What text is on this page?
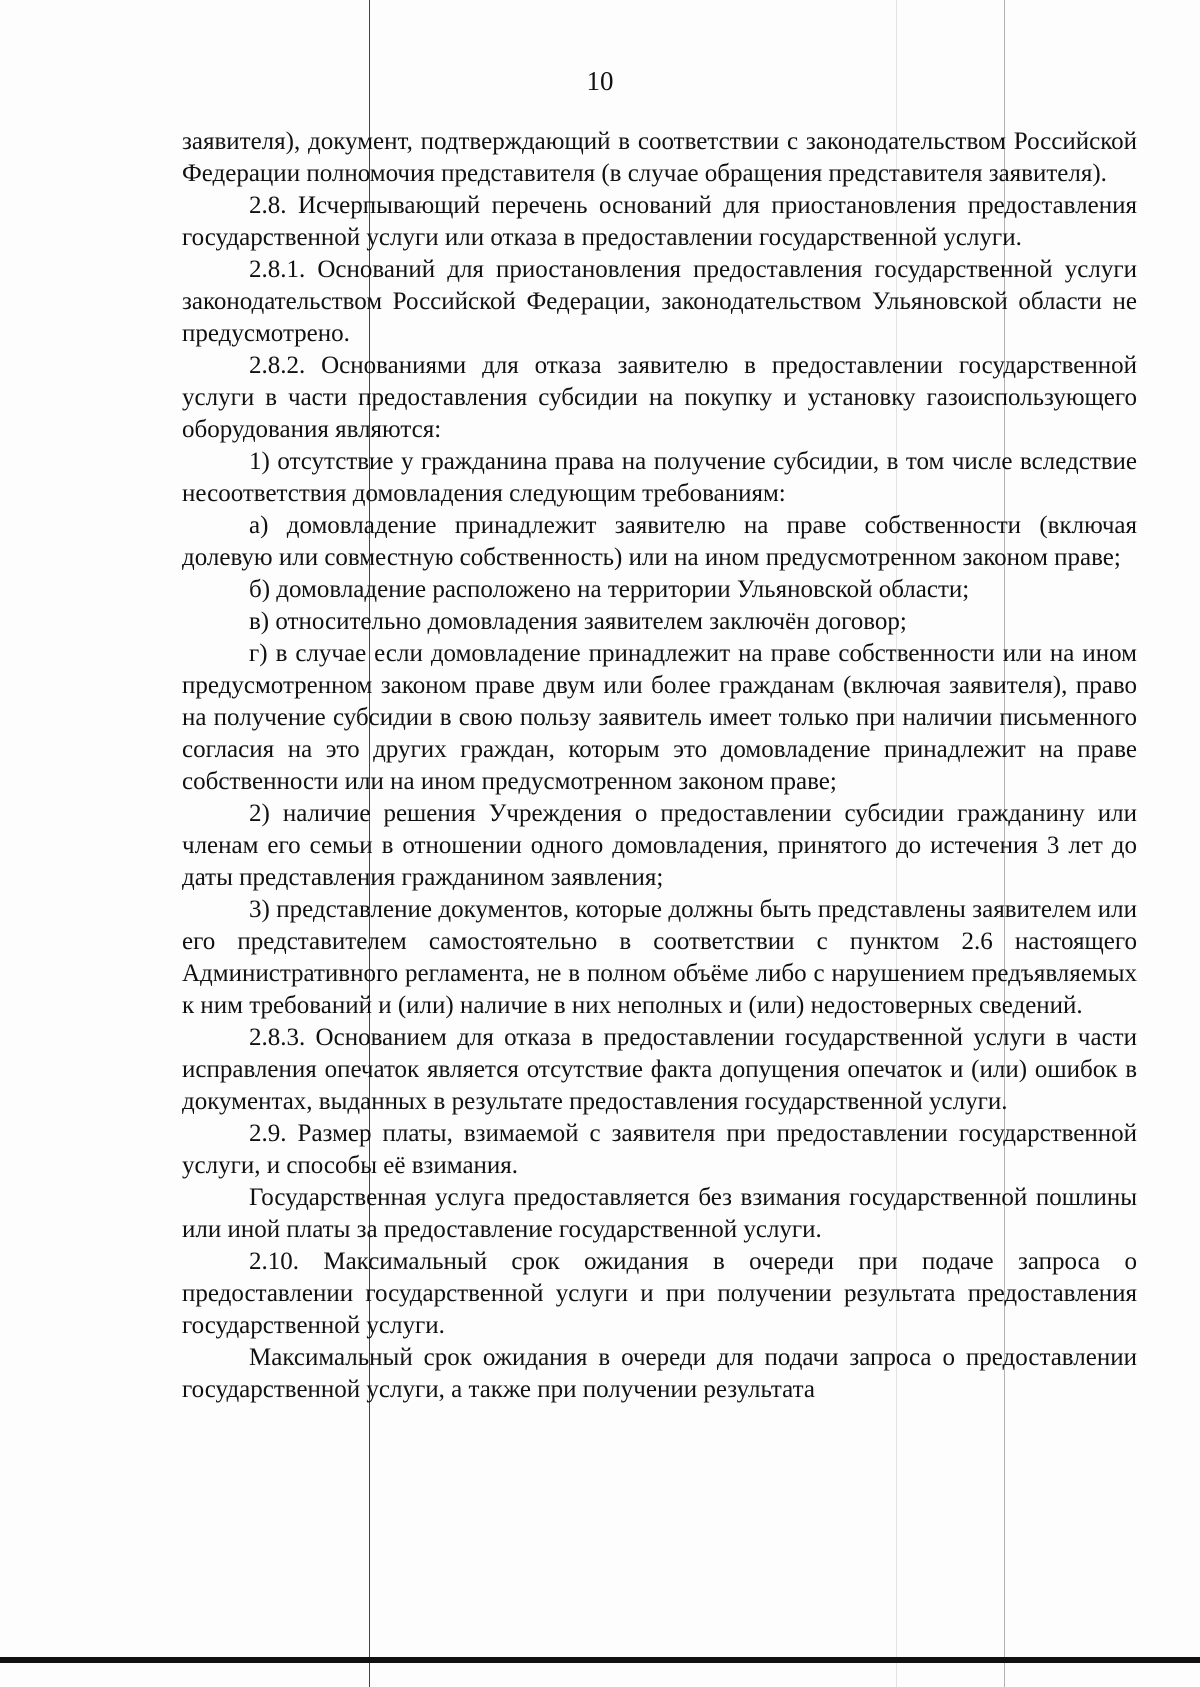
10

заявителя), документ, подтверждающий в соответствии с законодательством Российской Федерации полномочия представителя (в случае обращения представителя заявителя).

2.8. Исчерпывающий перечень оснований для приостановления предоставления государственной услуги или отказа в предоставлении государственной услуги.

2.8.1. Оснований для приостановления предоставления государственной услуги законодательством Российской Федерации, законодательством Ульяновской области не предусмотрено.

2.8.2. Основаниями для отказа заявителю в предоставлении государственной услуги в части предоставления субсидии на покупку и установку газоиспользующего оборудования являются:

1) отсутствие у гражданина права на получение субсидии, в том числе вследствие несоответствия домовладения следующим требованиям:

а) домовладение принадлежит заявителю на праве собственности (включая долевую или совместную собственность) или на ином предусмотренном законом праве;

б) домовладение расположено на территории Ульяновской области;

в) относительно домовладения заявителем заключён договор;

г) в случае если домовладение принадлежит на праве собственности или на ином предусмотренном законом праве двум или более гражданам (включая заявителя), право на получение субсидии в свою пользу заявитель имеет только при наличии письменного согласия на это других граждан, которым это домовладение принадлежит на праве собственности или на ином предусмотренном законом праве;

2) наличие решения Учреждения о предоставлении субсидии гражданину или членам его семьи в отношении одного домовладения, принятого до истечения 3 лет до даты представления гражданином заявления;

3) представление документов, которые должны быть представлены заявителем или его представителем самостоятельно в соответствии с пунктом 2.6 настоящего Административного регламента, не в полном объёме либо с нарушением предъявляемых к ним требований и (или) наличие в них неполных и (или) недостоверных сведений.

2.8.3. Основанием для отказа в предоставлении государственной услуги в части исправления опечаток является отсутствие факта допущения опечаток и (или) ошибок в документах, выданных в результате предоставления государственной услуги.

2.9. Размер платы, взимаемой с заявителя при предоставлении государственной услуги, и способы её взимания.

Государственная услуга предоставляется без взимания государственной пошлины или иной платы за предоставление государственной услуги.

2.10. Максимальный срок ожидания в очереди при подаче запроса о предоставлении государственной услуги и при получении результата предоставления государственной услуги.

Максимальный срок ожидания в очереди для подачи запроса о предоставлении государственной услуги, а также при получении результата
